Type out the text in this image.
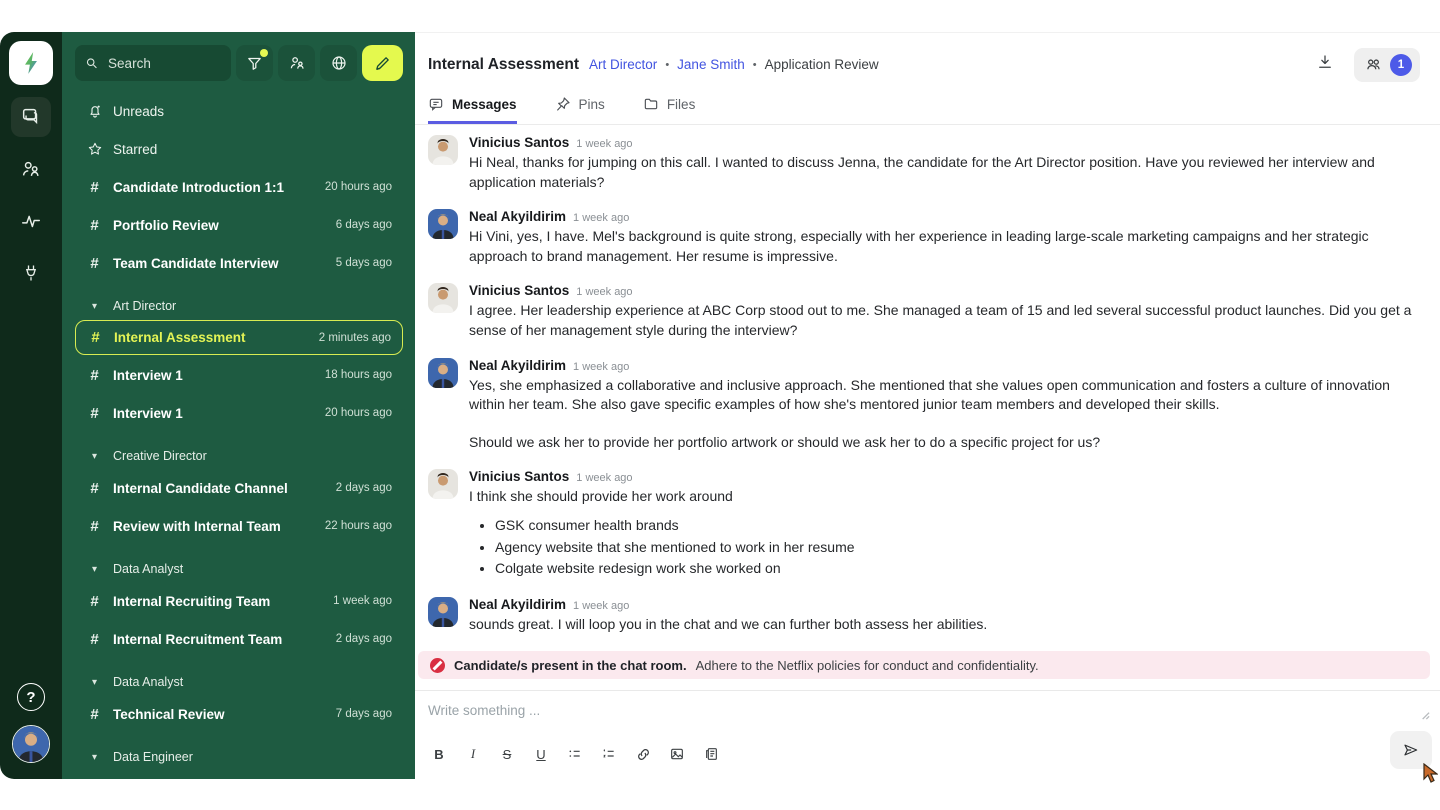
?
Search
Unreads
Starred
#	Candidate Introduction 1:1	20 hours ago
#	Portfolio Review	6 days ago
#	Team Candidate Interview	5 days ago
▾	Art Director
#	Internal Assessment	2 minutes ago
#	Interview 1	18 hours ago
#	Interview 1	20 hours ago
▾	Creative Director
#	Internal Candidate Channel	2 days ago
#	Review with Internal Team	22 hours ago
▾	Data Analyst
#	Internal Recruiting Team	1 week ago
#	Internal Recruitment Team	2 days ago
▾	Data Analyst
#	Technical Review	7 days ago
▾	Data Engineer
Internal Assessment Art Director • Jane Smith • Application Review	1
Messages	Pins	Files
Vinicius Santos 1 week ago
Hi Neal, thanks for jumping on this call. I wanted to discuss Jenna, the candidate for the Art Director position. Have you reviewed her interview and application materials?
Neal Akyildirim 1 week ago
Hi Vini, yes, I have. Mel's background is quite strong, especially with her experience in leading large-scale marketing campaigns and her strategic approach to brand management. Her resume is impressive.
Vinicius Santos 1 week ago
I agree. Her leadership experience at ABC Corp stood out to me. She managed a team of 15 and led several successful product launches. Did you get a sense of her management style during the interview?
Neal Akyildirim 1 week ago
Yes, she emphasized a collaborative and inclusive approach. She mentioned that she values open communication and fosters a culture of innovation within her team. She also gave specific examples of how she's mentored junior team members and developed their skills.
Should we ask her to provide her portfolio artwork or should we ask her to do a specific project for us?
Vinicius Santos 1 week ago
I think she should provide her work around
• GSK consumer health brands
• Agency website that she mentioned to work in her resume
• Colgate website redesign work she worked on
Neal Akyildirim 1 week ago
sounds great. I will loop you in the chat and we can further both assess her abilities.
Candidate/s present in the chat room. Adhere to the Netflix policies for conduct and confidentiality.
Write something ...
B I S U
